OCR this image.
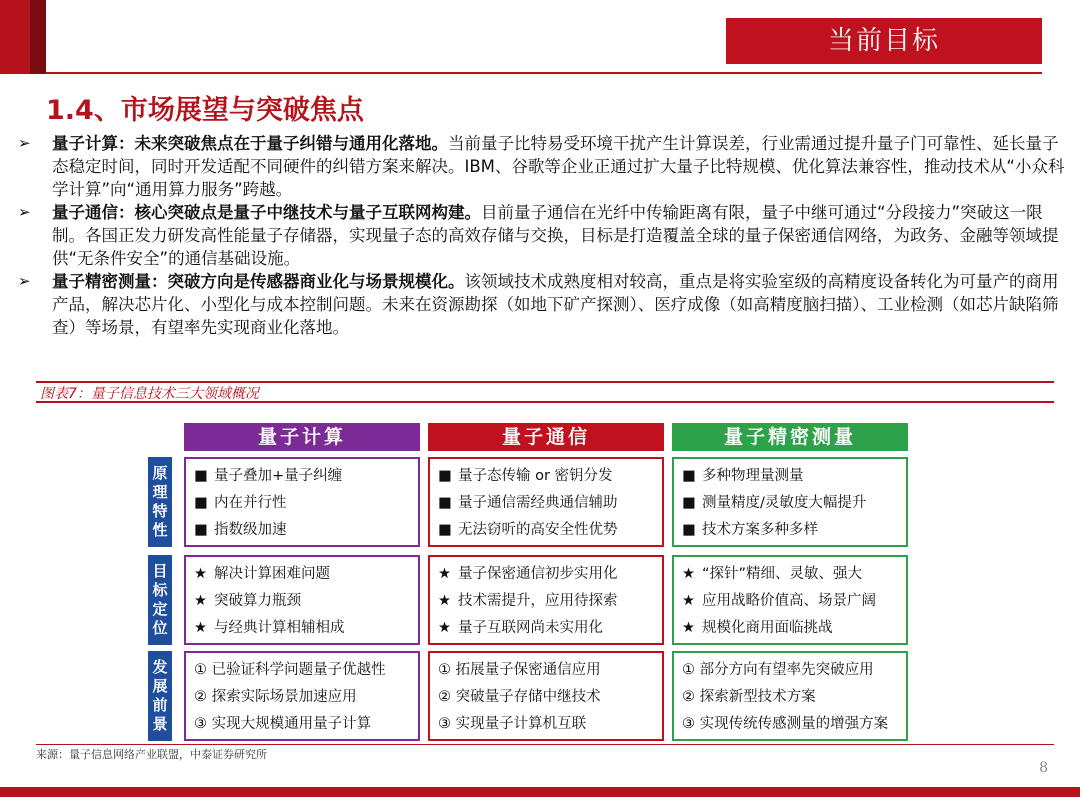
当前目标
1.4、市场展望与突破焦点
➢ 量子计算：未来突破焦点在于量子纠错与通用化落地。当前量子比特易受环境干扰产生计算误差，行业需通过提升量子门可靠性、延长量子态稳定时间，同时开发适配不同硬件的纠错方案来解决。IBM、谷歌等企业正通过扩大量子比特规模、优化算法兼容性，推动技术从“小众科学计算”向“通用算力服务”跨越。
➢ 量子通信：核心突破点是量子中继技术与量子互联网构建。目前量子通信在光纤中传输距离有限，量子中继可通过“分段接力”突破这一限制。各国正发力研发高性能量子存储器，实现量子态的高效存储与交换，目标是打造覆盖全球的量子保密通信网络，为政务、金融等领域提供“无条件安全”的通信基础设施。
➢ 量子精密测量：突破方向是传感器商业化与场景规模化。该领域技术成熟度相对较高，重点是将实验室级的高精度设备转化为可量产的商用产品，解决芯片化、小型化与成本控制问题。未来在资源勘探（如地下矿产探测）、医疗成像（如高精度脑扫描）、工业检测（如芯片缺陷筛查）等场景，有望率先实现商业化落地。
图表7：量子信息技术三大领域概况
量子计算	量子通信	量子精密测量
原
理
特
性
■ 量子叠加+量子纠缠
■ 内在并行性
■ 指数级加速
■ 量子态传输 or 密钥分发
■ 量子通信需经典通信辅助
■ 无法窃听的高安全性优势
■ 多种物理量测量
■ 测量精度/灵敏度大幅提升
■ 技术方案多种多样
目
标
定
位
★ 解决计算困难问题
★ 突破算力瓶颈
★ 与经典计算相辅相成
★ 量子保密通信初步实用化
★ 技术需提升，应用待探索
★ 量子互联网尚未实用化
★ “探针”精细、灵敏、强大
★ 应用战略价值高、场景广阔
★ 规模化商用面临挑战
发
展
前
景
① 已验证科学问题量子优越性
② 探索实际场景加速应用
③ 实现大规模通用量子计算
① 拓展量子保密通信应用
② 突破量子存储中继技术
③ 实现量子计算机互联
① 部分方向有望率先突破应用
② 探索新型技术方案
③ 实现传统传感测量的增强方案
来源：量子信息网络产业联盟，中泰证券研究所
8
